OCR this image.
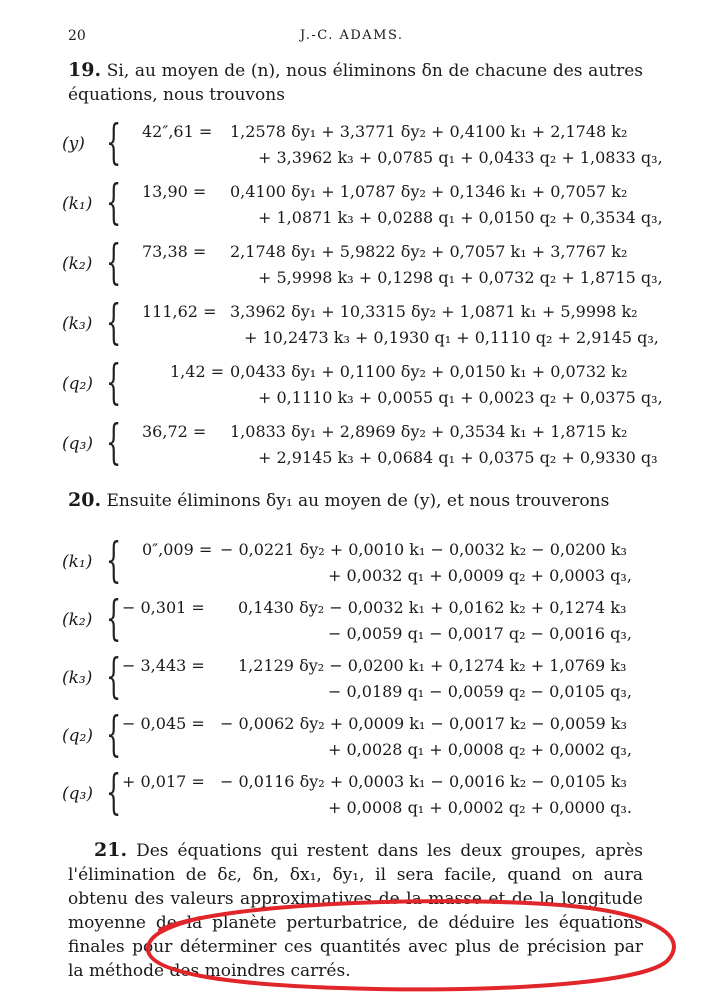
20	J.-C. ADAMS.
19. Si, au moyen de (n), nous éliminons δn de chacune des autres équations, nous trouvons
(y) { 42″,61 = 1,2578 δy₁ + 3,3771 δy₂ + 0,4100 k₁ + 2,1748 k₂
+ 3,3962 k₃ + 0,0785 q₁ + 0,0433 q₂ + 1,0833 q₃,
(k₁) { 13,90 = 0,4100 δy₁ + 1,0787 δy₂ + 0,1346 k₁ + 0,7057 k₂
+ 1,0871 k₃ + 0,0288 q₁ + 0,0150 q₂ + 0,3534 q₃,
(k₂) { 73,38 = 2,1748 δy₁ + 5,9822 δy₂ + 0,7057 k₁ + 3,7767 k₂
+ 5,9998 k₃ + 0,1298 q₁ + 0,0732 q₂ + 1,8715 q₃,
(k₃) { 111,62 = 3,3962 δy₁ + 10,3315 δy₂ + 1,0871 k₁ + 5,9998 k₂
+ 10,2473 k₃ + 0,1930 q₁ + 0,1110 q₂ + 2,9145 q₃,
(q₂) {	1,42 = 0,0433 δy₁ + 0,1100 δy₂ + 0,0150 k₁ + 0,0732 k₂
+ 0,1110 k₃ + 0,0055 q₁ + 0,0023 q₂ + 0,0375 q₃,
(q₃) { 36,72 = 1,0833 δy₁ + 2,8969 δy₂ + 0,3534 k₁ + 1,8715 k₂
+ 2,9145 k₃ + 0,0684 q₁ + 0,0375 q₂ + 0,9330 q₃
20. Ensuite éliminons δy₁ au moyen de (y), et nous trouverons
(k₁) { 0″,009 = − 0,0221 δy₂ + 0,0010 k₁ − 0,0032 k₂ − 0,0200 k₃
+ 0,0032 q₁ + 0,0009 q₂ + 0,0003 q₃,
(k₂) { − 0,301 = 0,1430 δy₂ − 0,0032 k₁ + 0,0162 k₂ + 0,1274 k₃
− 0,0059 q₁ − 0,0017 q₂ − 0,0016 q₃,
(k₃) { − 3,443 = 1,2129 δy₂ − 0,0200 k₁ + 0,1274 k₂ + 1,0769 k₃
− 0,0189 q₁ − 0,0059 q₂ − 0,0105 q₃,
(q₂) { − 0,045 = − 0,0062 δy₂ + 0,0009 k₁ − 0,0017 k₂ − 0,0059 k₃
+ 0,0028 q₁ + 0,0008 q₂ + 0,0002 q₃,
(q₃) { + 0,017 = − 0,0116 δy₂ + 0,0003 k₁ − 0,0016 k₂ − 0,0105 k₃
+ 0,0008 q₁ + 0,0002 q₂ + 0,0000 q₃.
21. Des équations qui restent dans les deux groupes, après l'élimination de δε, δn, δx₁, δy₁, il sera facile, quand on aura obtenu des valeurs approximatives de la masse et de la longitude moyenne de la planète perturbatrice, de déduire les équations finales pour déterminer ces quantités avec plus de précision par la méthode des moindres carrés.
